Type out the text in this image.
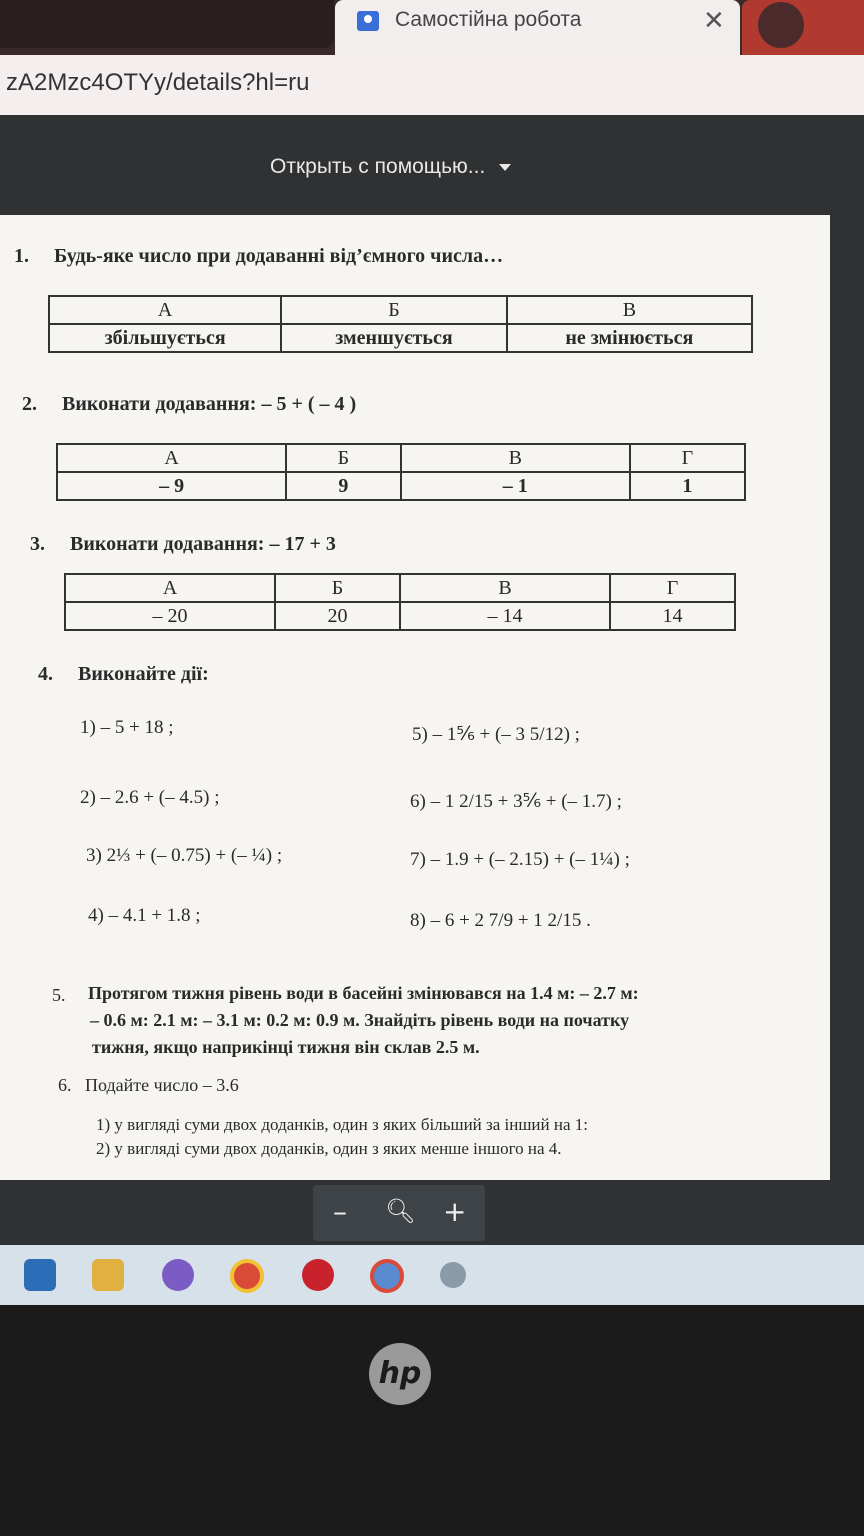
Самостійна робота	✕
zA2Mzc4OTYy/details?hl=ru
Открыть с помощью...
1. Будь-яке число при додаванні від’ємного числа…
А	Б	В
збільшується	зменшується	не змінюється
2. Виконати додавання: – 5 + ( – 4 )
А	Б	В	Г
– 9	9	– 1	1
3. Виконати додавання: – 17 + 3
А	Б	В	Г
– 20	20	– 14	14
4. Виконайте дії:
1) – 5 + 18 ;
2) – 2.6 + (– 4.5) ;
3) 2⅓ + (– 0.75) + (– ¼) ;
4) – 4.1 + 1.8 ;
5) – 1⅚ + (– 3 5/12) ;
6) – 1 2/15 + 3⅚ + (– 1.7) ;
7) – 1.9 + (– 2.15) + (– 1¼) ;
8) – 6 + 2 7/9 + 1 2/15 .
5. Протягом тижня рівень води в басейні змінювався на 1.4 м: – 2.7 м:
– 0.6 м: 2.1 м: – 3.1 м: 0.2 м: 0.9 м. Знайдіть рівень води на початку
тижня, якщо наприкінці тижня він склав 2.5 м.
6. Подайте число – 3.6
1) у вигляді суми двох доданків, один з яких більший за інший на 1:
2) у вигляді суми двох доданків, один з яких менше іншого на 4.
– 🔍︎ +
hp
